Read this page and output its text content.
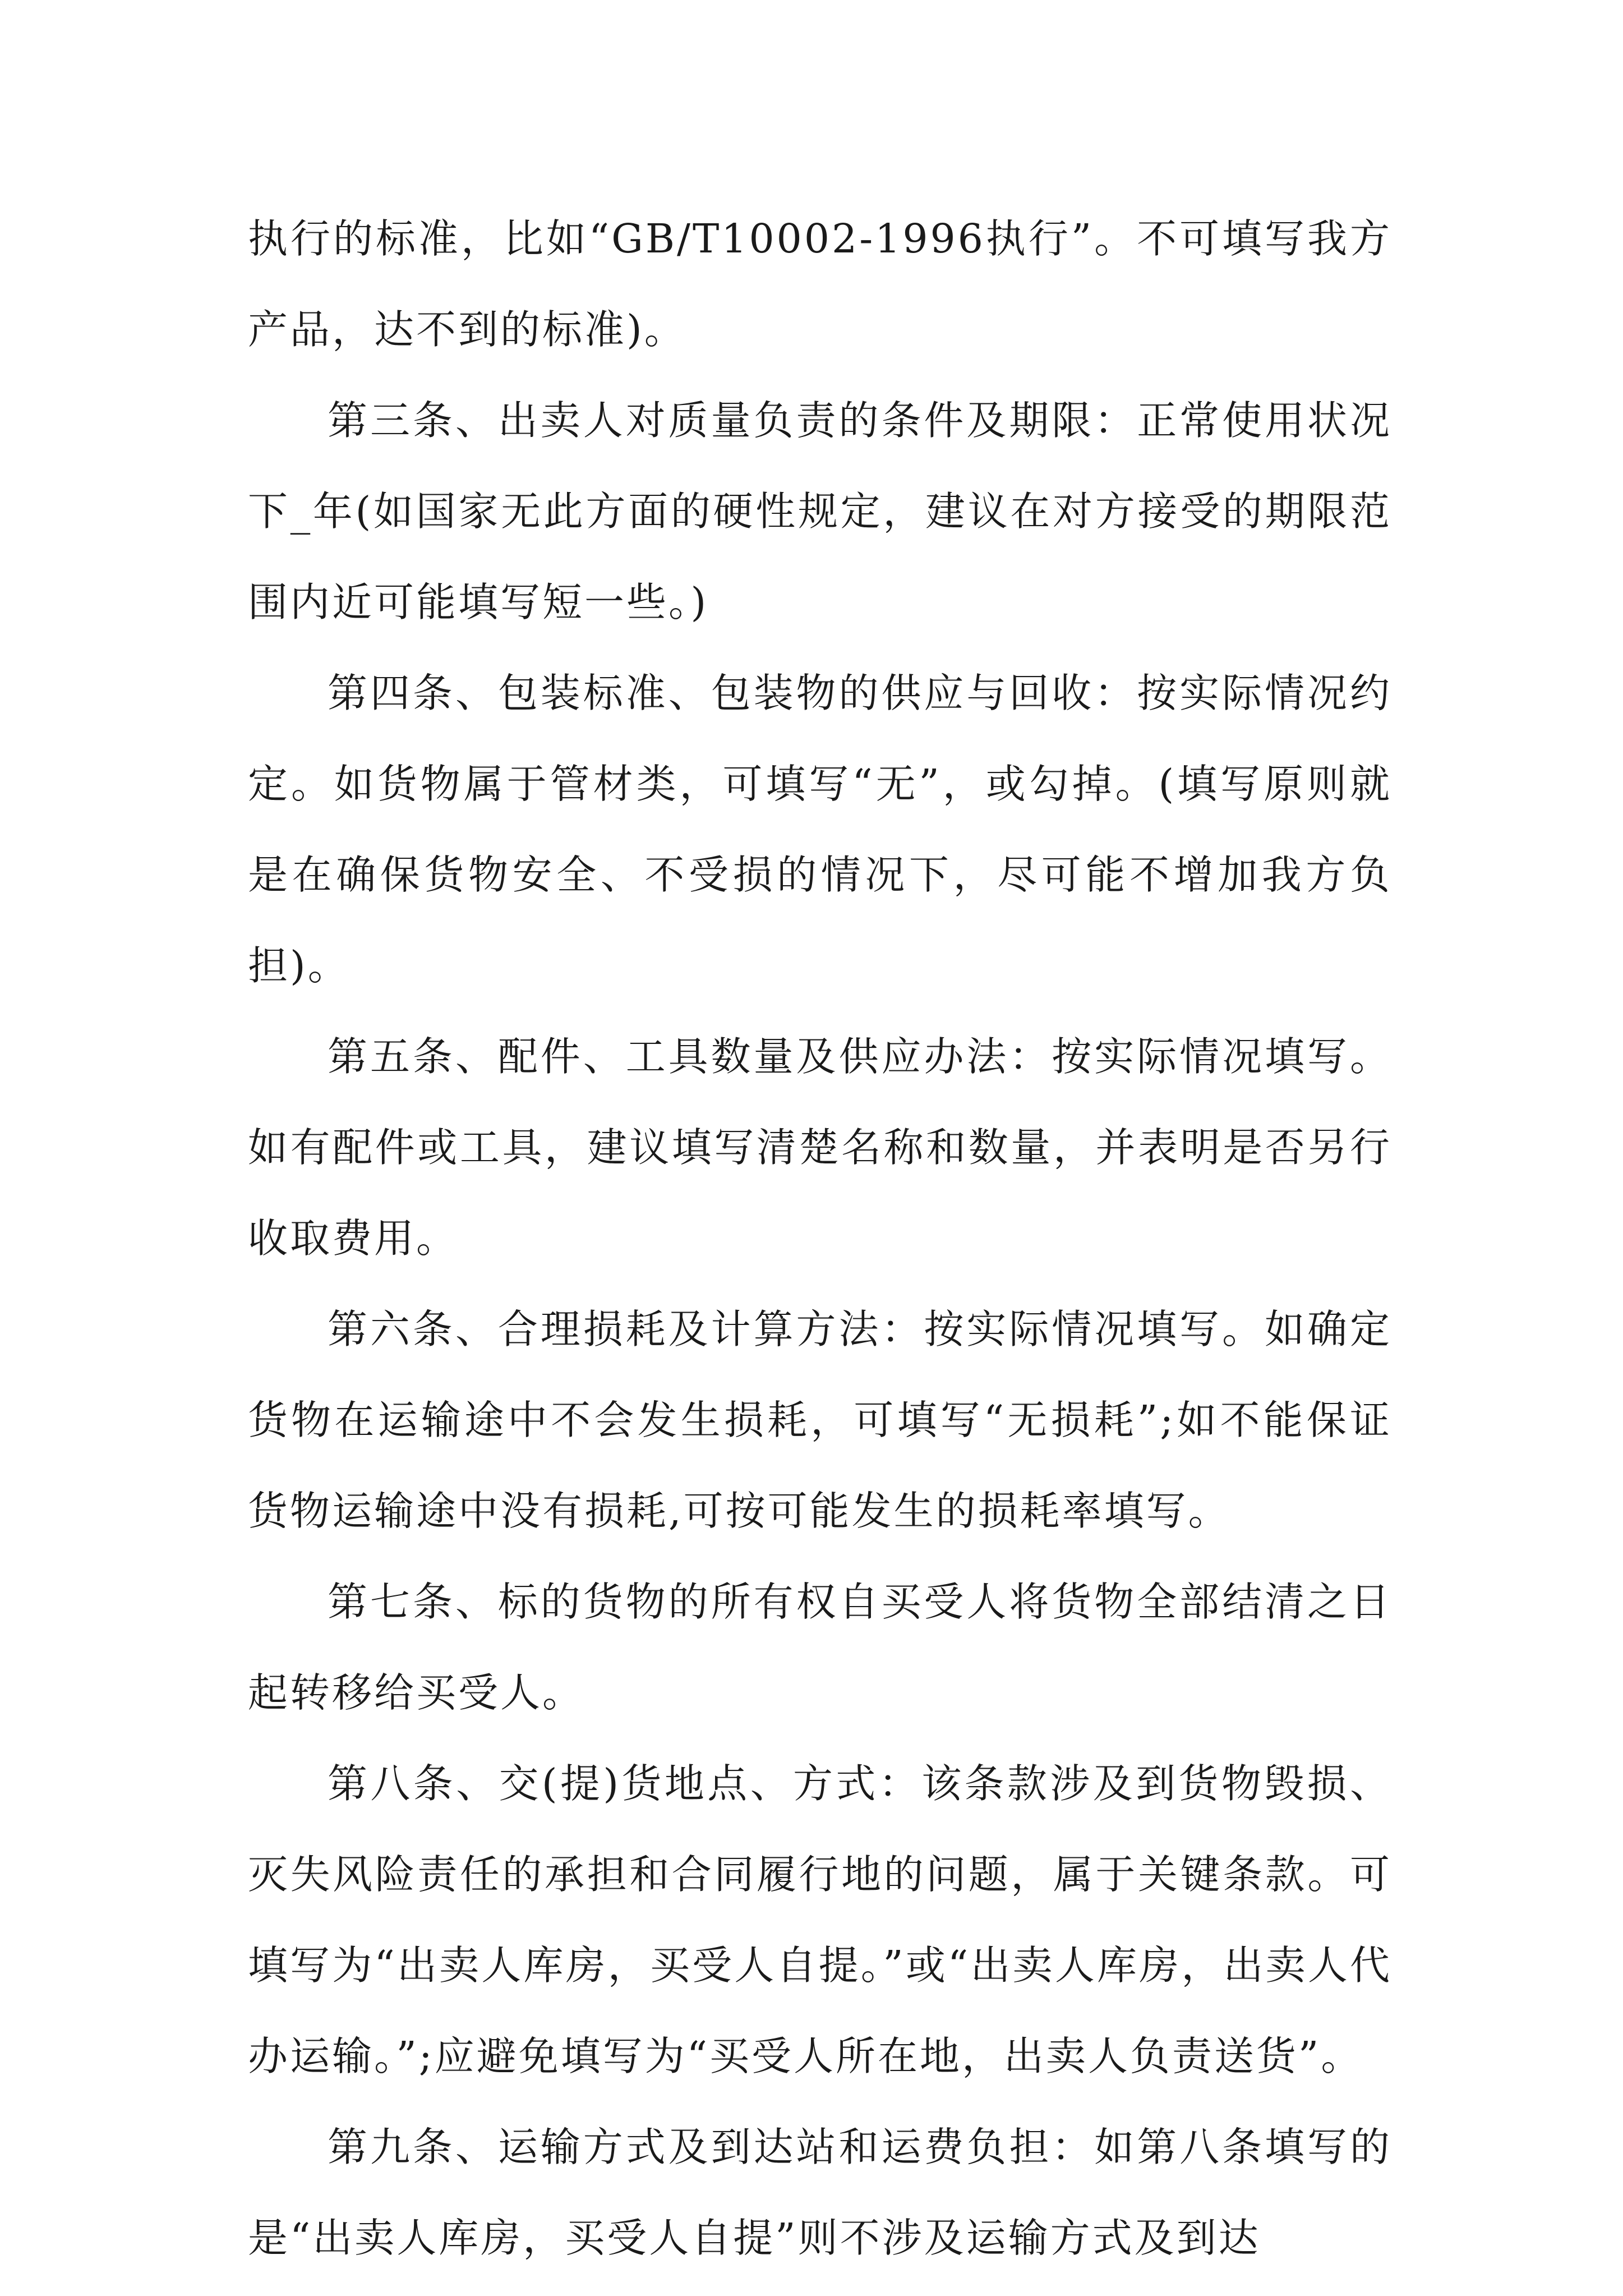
执行的标准，比如“GB/T10002-1996执行”。不可填写我方产品，达不到的标准)。

第三条、出卖人对质量负责的条件及期限：正常使用状况下_年(如国家无此方面的硬性规定，建议在对方接受的期限范围内近可能填写短一些。)

第四条、包装标准、包装物的供应与回收：按实际情况约定。如货物属于管材类，可填写“无”，或勾掉。(填写原则就是在确保货物安全、不受损的情况下，尽可能不增加我方负担)。

第五条、配件、工具数量及供应办法：按实际情况填写。如有配件或工具，建议填写清楚名称和数量，并表明是否另行收取费用。

第六条、合理损耗及计算方法：按实际情况填写。如确定货物在运输途中不会发生损耗，可填写“无损耗”;如不能保证货物运输途中没有损耗,可按可能发生的损耗率填写。

第七条、标的货物的所有权自买受人将货物全部结清之日起转移给买受人。

第八条、交(提)货地点、方式：该条款涉及到货物毁损、灭失风险责任的承担和合同履行地的问题，属于关键条款。可填写为“出卖人库房，买受人自提。”或“出卖人库房，出卖人代办运输。”;应避免填写为“买受人所在地，出卖人负责送货”。

第九条、运输方式及到达站和运费负担：如第八条填写的是“出卖人库房，买受人自提”则不涉及运输方式及到达
